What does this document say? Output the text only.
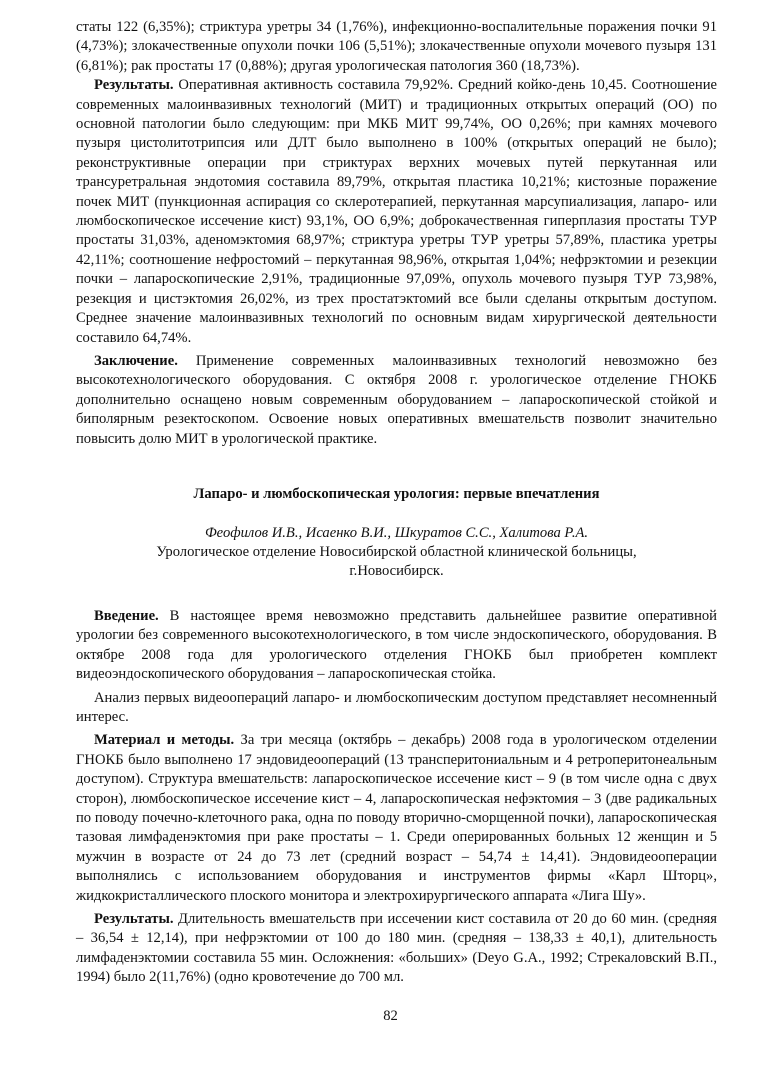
статы 122 (6,35%); стриктура уретры 34 (1,76%), инфекционно-воспалительные поражения почки 91 (4,73%); злокачественные опухоли почки 106 (5,51%); злокачественные опухоли мочевого пузыря 131 (6,81%); рак простаты 17 (0,88%); другая урологическая патология 360 (18,73%).

Результаты. Оперативная активность составила 79,92%. Средний койко-день 10,45. Соотношение современных малоинвазивных технологий (МИТ) и традиционных открытых операций (ОО) по основной патологии было следующим: при МКБ МИТ 99,74%, ОО 0,26%; при камнях мочевого пузыря цистолитотрипсия или ДЛТ было выполнено в 100% (открытых операций не было); реконструктивные операции при стриктурах верхних мочевых путей перкутанная или трансуретральная эндотомия составила 89,79%, открытая пластика 10,21%; кистозные поражение почек МИТ (пункционная аспирация со склеротерапией, перкутанная марсупиализация, лапаро- или люмбоскопическое иссечение кист) 93,1%, ОО 6,9%; доброкачественная гиперплазия простаты ТУР простаты 31,03%, аденомэктомия 68,97%; стриктура уретры ТУР уретры 57,89%, пластика уретры 42,11%; соотношение нефростомий – перкутанная 98,96%, открытая 1,04%; нефрэктомии и резекции почки – лапароскопические 2,91%, традиционные 97,09%, опухоль мочевого пузыря ТУР 73,98%, резекция и цистэктомия 26,02%, из трех простатэктомий все были сделаны открытым доступом. Среднее значение малоинвазивных технологий по основным видам хирургической деятельности составило 64,74%.

Заключение. Применение современных малоинвазивных технологий невозможно без высокотехнологического оборудования. С октября 2008 г. урологическое отделение ГНОКБ дополнительно оснащено новым современным оборудованием – лапароскопической стойкой и биполярным резектоскопом. Освоение новых оперативных вмешательств позволит значительно повысить долю МИТ в урологической практике.

Лапаро- и люмбоскопическая урология: первые впечатления
Феофилов И.В., Исаенко В.И., Шкуратов С.С., Халитова Р.А.
Урологическое отделение Новосибирской областной клинической больницы,
г.Новосибирск.

Введение. В настоящее время невозможно представить дальнейшее развитие оперативной урологии без современного высокотехнологического, в том числе эндоскопического, оборудования. В октябре 2008 года для урологического отделения ГНОКБ был приобретен комплект видеоэндоскопического оборудования – лапароскопическая стойка.

Анализ первых видеоопераций лапаро- и люмбоскопическим доступом представляет несомненный интерес.

Материал и методы. За три месяца (октябрь – декабрь) 2008 года в урологическом отделении ГНОКБ было выполнено 17 эндовидеоопераций (13 трансперитониальным и 4 ретроперитонеальным доступом). Структура вмешательств: лапароскопическое иссечение кист – 9 (в том числе одна с двух сторон), люмбоскопическое иссечение кист – 4, лапароскопическая нефэктомия – 3 (две радикальных по поводу почечно-клеточного рака, одна по поводу вторично-сморщенной почки), лапароскопическая тазовая лимфаденэктомия при раке простаты – 1. Среди оперированных больных 12 женщин и 5 мужчин в возрасте от 24 до 73 лет (средний возраст – 54,74 ± 14,41). Эндовидеооперации выполнялись с использованием оборудования и инструментов фирмы «Карл Шторц», жидкокристаллического плоского монитора и электрохирургического аппарата «Лига Шу».

Результаты. Длительность вмешательств при иссечении кист составила от 20 до 60 мин. (средняя – 36,54 ± 12,14), при нефрэктомии от 100 до 180 мин. (средняя – 138,33 ± 40,1), длительность лимфаденэктомии составила 55 мин. Осложнения: «больших» (Deyo G.A., 1992; Стрекаловский В.П., 1994) было 2(11,76%) (одно кровотечение до 700 мл.

82
